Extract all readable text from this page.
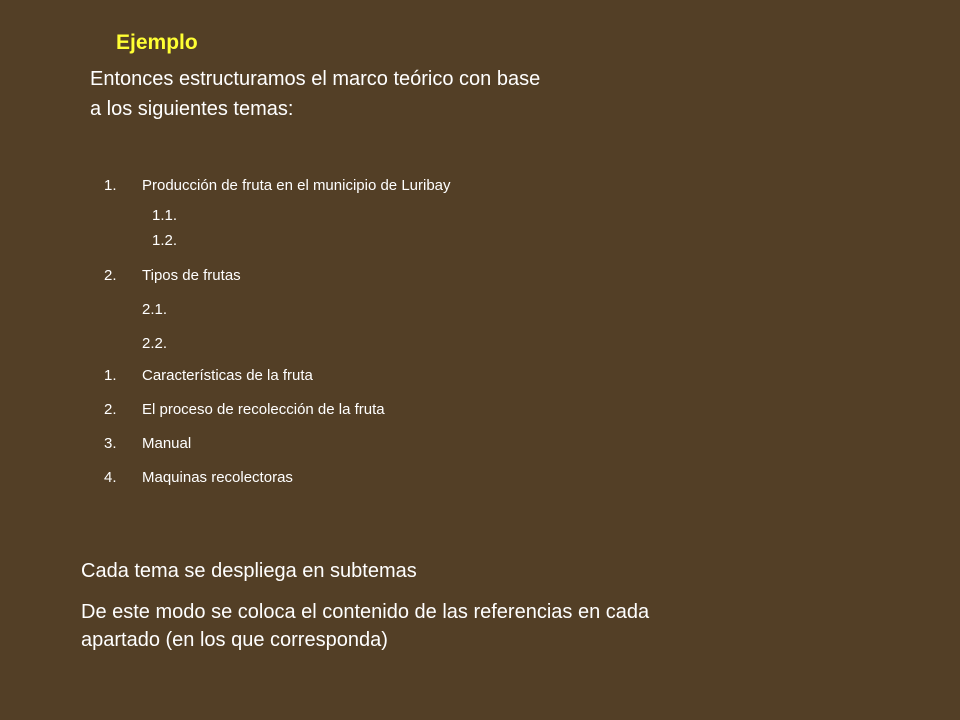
Ejemplo
Entonces estructuramos el marco teórico con base
a los siguientes temas:
1.	Producción de fruta en el municipio de Luribay
1.1.
1.2.
2.	Tipos de frutas
2.1.
2.2.
1.	Características de la fruta
2.	El proceso de recolección de la fruta
3.	Manual
4.	Maquinas recolectoras
Cada tema se despliega en subtemas
De este modo se coloca el contenido de las referencias en cada
apartado (en los que corresponda)
